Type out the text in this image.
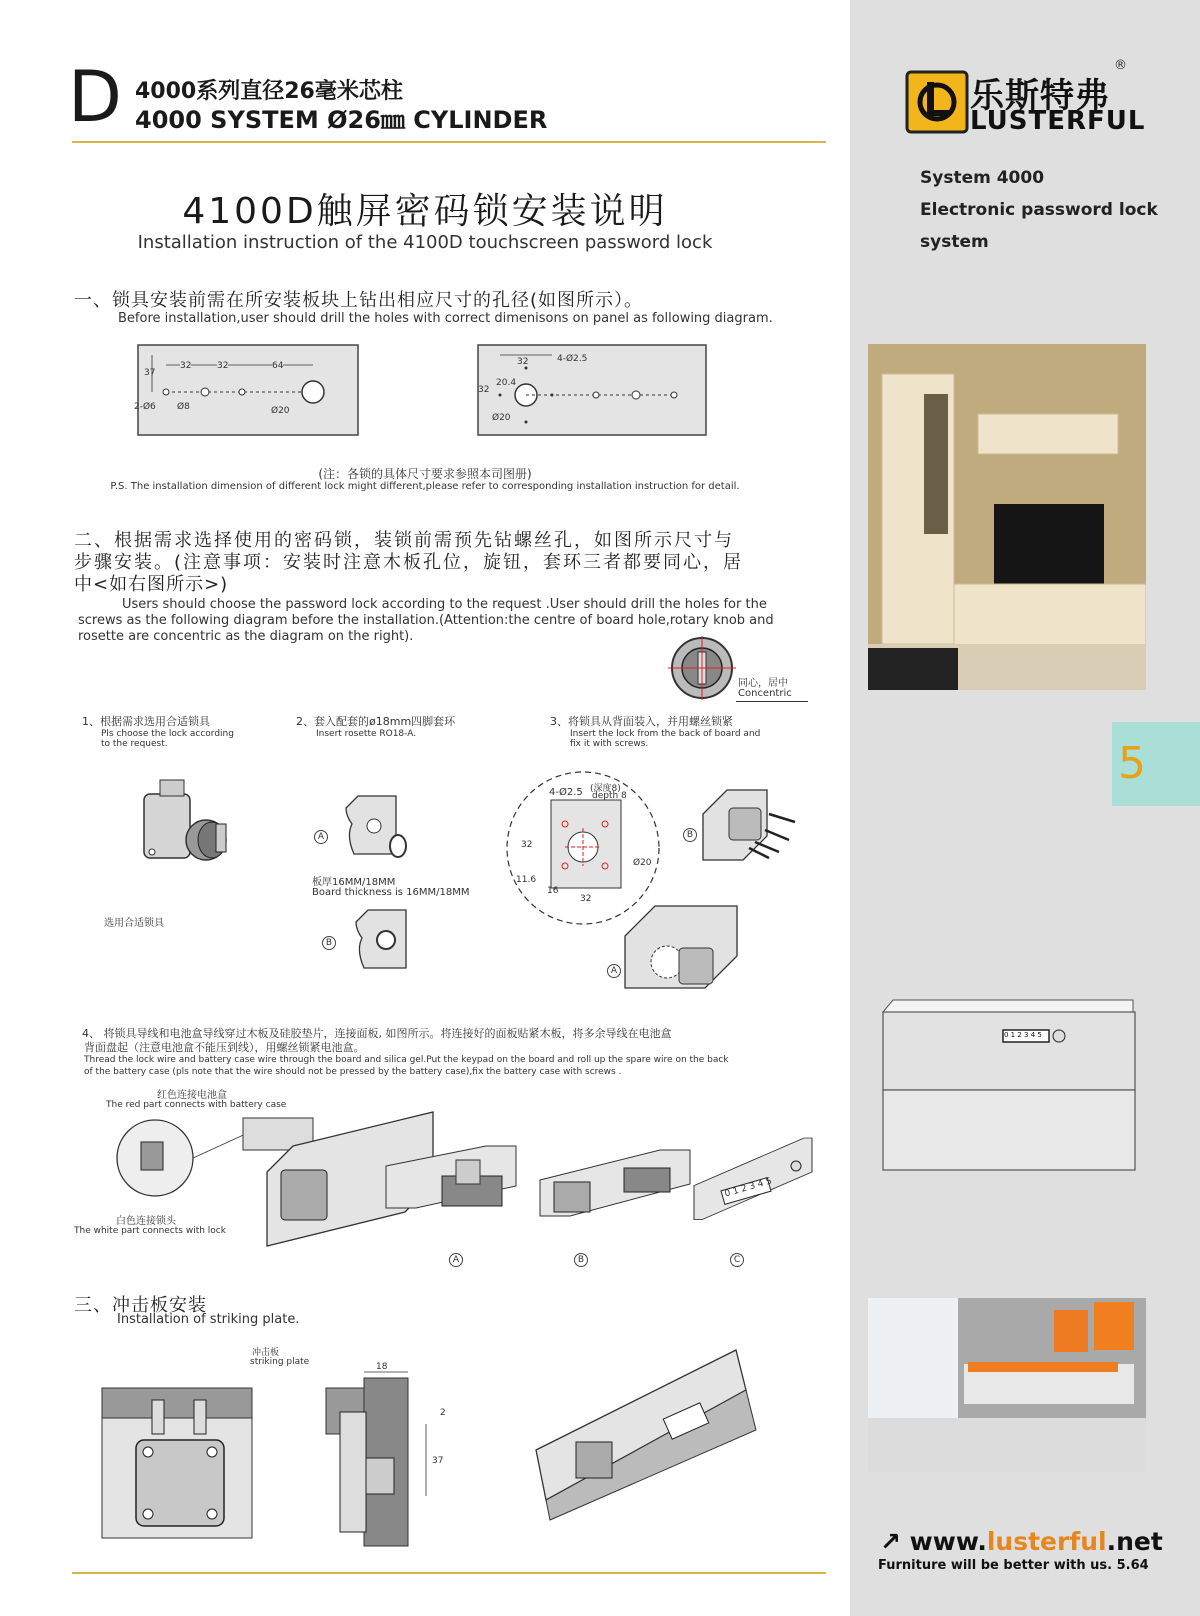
D 4000系列直径26毫米芯柱
4000 SYSTEM Ø26㎜ CYLINDER
4100D触屏密码锁安装说明
Installation instruction of the 4100D touchscreen password lock
一、锁具安装前需在所安装板块上钻出相应尺寸的孔径(如图所示）。
Before installation,user should drill the holes with correct dimenisons on panel as following diagram.
37
32	32	64
2-Ø6 Ø8	Ø20
32	4-Ø2.5
20.4
32
Ø20
(注：各锁的具体尺寸要求参照本司图册)
P.S. The installation dimension of different lock might different,please refer to corresponding installation instruction for detail.
二、根据需求选择使用的密码锁，装锁前需预先钻螺丝孔，如图所示尺寸与
步骤安装。(注意事项：安装时注意木板孔位，旋钮，套环三者都要同心，居
中<如右图所示>)
Users should choose the password lock according to the request .User should drill the holes for the
screws as the following diagram before the installation.(Attention:the centre of board hole,rotary knob and
rosette are concentric as the diagram on the right).
同心，居中
Concentric
1、根据需求选用合适锁具
Pls choose the lock according
to the request.
2、套入配套的ø18mm四脚套环
Insert rosette RO18-A.
3、将锁具从背面装入，并用螺丝锁紧
Insert the lock from the back of board and
fix it with screws.
选用合适锁具
A
板厚16MM/18MM
Board thickness is 16MM/18MM
B
4-Ø2.5 (深度8)
depth 8
32
11.6
16
32
Ø20
B
A
4、 将锁具导线和电池盒导线穿过木板及硅胶垫片，连接面板, 如图所示。将连接好的面板贴紧木板，将多余导线在电池盒
背面盘起（注意电池盒不能压到线），用螺丝锁紧电池盒。
Thread the lock wire and battery case wire through the board and silica gel.Put the keypad on the board and roll up the spare wire on the back
of the battery case (pls note that the wire should not be pressed by the battery case),fix the battery case with screws .
红色连接电池盒
The red part connects with battery case
白色连接锁头
The white part connects with lock
A	B
0 1 2 3 4 5
C
三、冲击板安装
Installation of striking plate.
冲击板
striking plate	18
2
37
乐斯特弗
LUSTERFUL
®
System 4000
Electronic password lock
system
5
0 1 2 3 4 5
↗ www.lusterful.net
Furniture will be better with us. 5.64
